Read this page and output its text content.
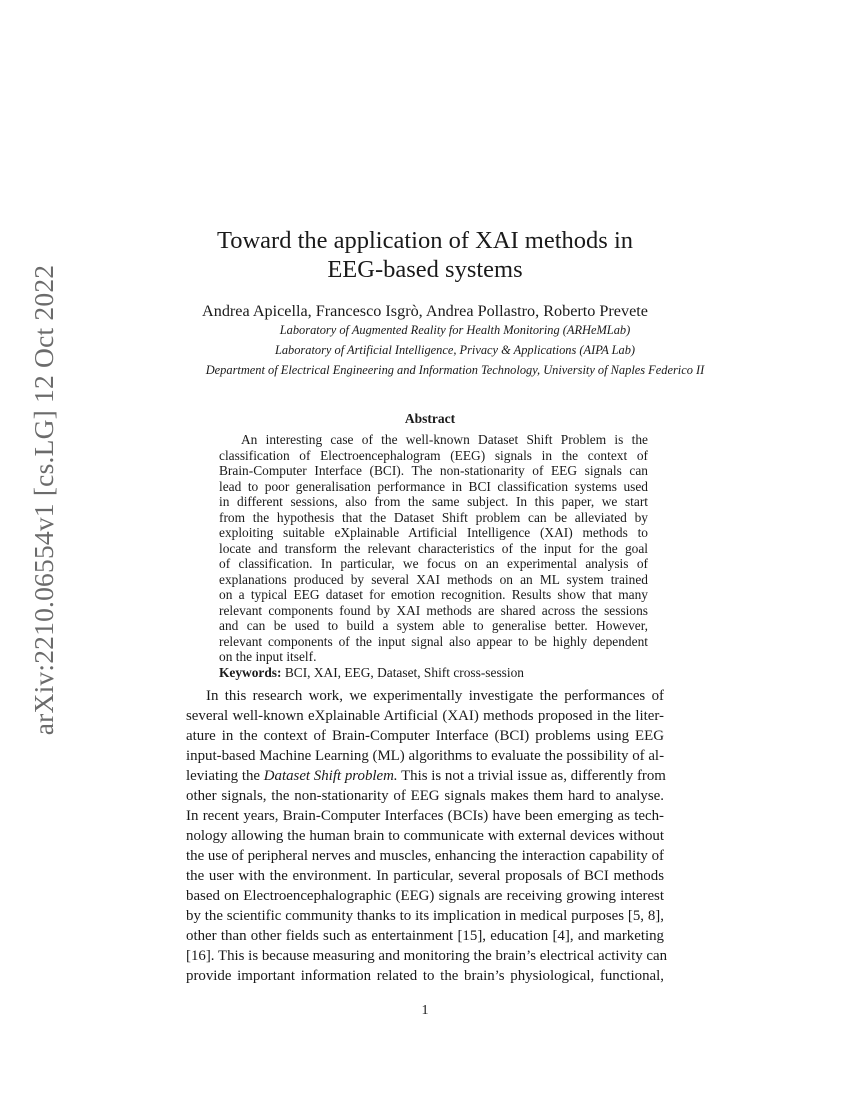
arXiv:2210.06554v1 [cs.LG] 12 Oct 2022
Toward the application of XAI methods in
EEG-based systems
Andrea Apicella, Francesco Isgrò, Andrea Pollastro, Roberto Prevete
Laboratory of Augmented Reality for Health Monitoring (ARHeMLab)
Laboratory of Artificial Intelligence, Privacy & Applications (AIPA Lab)
Department of Electrical Engineering and Information Technology, University of Naples Federico II
Abstract
An interesting case of the well-known Dataset Shift Problem is the
classification of Electroencephalogram (EEG) signals in the context of
Brain-Computer Interface (BCI). The non-stationarity of EEG signals can
lead to poor generalisation performance in BCI classification systems used
in different sessions, also from the same subject. In this paper, we start
from the hypothesis that the Dataset Shift problem can be alleviated by
exploiting suitable eXplainable Artificial Intelligence (XAI) methods to
locate and transform the relevant characteristics of the input for the goal
of classification. In particular, we focus on an experimental analysis of
explanations produced by several XAI methods on an ML system trained
on a typical EEG dataset for emotion recognition. Results show that many
relevant components found by XAI methods are shared across the sessions
and can be used to build a system able to generalise better. However,
relevant components of the input signal also appear to be highly dependent
on the input itself.
Keywords: BCI, XAI, EEG, Dataset, Shift cross-session
In this research work, we experimentally investigate the performances of
several well-known eXplainable Artificial (XAI) methods proposed in the liter-
ature in the context of Brain-Computer Interface (BCI) problems using EEG
input-based Machine Learning (ML) algorithms to evaluate the possibility of al-
leviating the Dataset Shift problem. This is not a trivial issue as, differently from
other signals, the non-stationarity of EEG signals makes them hard to analyse.
In recent years, Brain-Computer Interfaces (BCIs) have been emerging as tech-
nology allowing the human brain to communicate with external devices without
the use of peripheral nerves and muscles, enhancing the interaction capability of
the user with the environment. In particular, several proposals of BCI methods
based on Electroencephalographic (EEG) signals are receiving growing interest
by the scientific community thanks to its implication in medical purposes [5, 8],
other than other fields such as entertainment [15], education [4], and marketing
[16]. This is because measuring and monitoring the brain’s electrical activity can
provide important information related to the brain’s physiological, functional,
1
